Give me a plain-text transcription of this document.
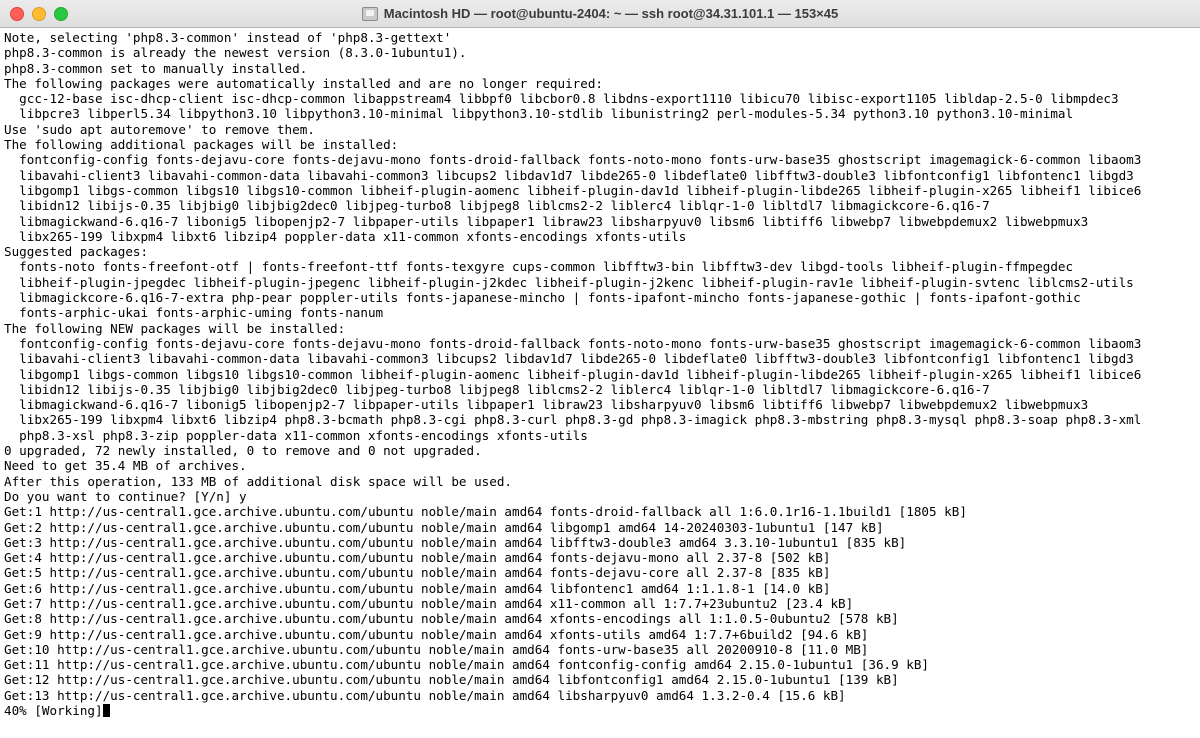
Macintosh HD — root@ubuntu-2404: ~ — ssh root@34.31.101.1 — 153×45
Note, selecting 'php8.3-common' instead of 'php8.3-gettext'
php8.3-common is already the newest version (8.3.0-1ubuntu1).
php8.3-common set to manually installed.
The following packages were automatically installed and are no longer required:
gcc-12-base isc-dhcp-client isc-dhcp-common libappstream4 libbpf0 libcbor0.8 libdns-export1110 libicu70 libisc-export1105 libldap-2.5-0 libmpdec3
libpcre3 libperl5.34 libpython3.10 libpython3.10-minimal libpython3.10-stdlib libunistring2 perl-modules-5.34 python3.10 python3.10-minimal
Use 'sudo apt autoremove' to remove them.
The following additional packages will be installed:
fontconfig-config fonts-dejavu-core fonts-dejavu-mono fonts-droid-fallback fonts-noto-mono fonts-urw-base35 ghostscript imagemagick-6-common libaom3
libavahi-client3 libavahi-common-data libavahi-common3 libcups2 libdav1d7 libde265-0 libdeflate0 libfftw3-double3 libfontconfig1 libfontenc1 libgd3
libgomp1 libgs-common libgs10 libgs10-common libheif-plugin-aomenc libheif-plugin-dav1d libheif-plugin-libde265 libheif-plugin-x265 libheif1 libice6
libidn12 libijs-0.35 libjbig0 libjbig2dec0 libjpeg-turbo8 libjpeg8 liblcms2-2 liblerc4 liblqr-1-0 libltdl7 libmagickcore-6.q16-7
libmagickwand-6.q16-7 libonig5 libopenjp2-7 libpaper-utils libpaper1 libraw23 libsharpyuv0 libsm6 libtiff6 libwebp7 libwebpdemux2 libwebpmux3
libx265-199 libxpm4 libxt6 libzip4 poppler-data x11-common xfonts-encodings xfonts-utils
Suggested packages:
fonts-noto fonts-freefont-otf | fonts-freefont-ttf fonts-texgyre cups-common libfftw3-bin libfftw3-dev libgd-tools libheif-plugin-ffmpegdec
libheif-plugin-jpegdec libheif-plugin-jpegenc libheif-plugin-j2kdec libheif-plugin-j2kenc libheif-plugin-rav1e libheif-plugin-svtenc liblcms2-utils
libmagickcore-6.q16-7-extra php-pear poppler-utils fonts-japanese-mincho | fonts-ipafont-mincho fonts-japanese-gothic | fonts-ipafont-gothic
fonts-arphic-ukai fonts-arphic-uming fonts-nanum
The following NEW packages will be installed:
fontconfig-config fonts-dejavu-core fonts-dejavu-mono fonts-droid-fallback fonts-noto-mono fonts-urw-base35 ghostscript imagemagick-6-common libaom3
libavahi-client3 libavahi-common-data libavahi-common3 libcups2 libdav1d7 libde265-0 libdeflate0 libfftw3-double3 libfontconfig1 libfontenc1 libgd3
libgomp1 libgs-common libgs10 libgs10-common libheif-plugin-aomenc libheif-plugin-dav1d libheif-plugin-libde265 libheif-plugin-x265 libheif1 libice6
libidn12 libijs-0.35 libjbig0 libjbig2dec0 libjpeg-turbo8 libjpeg8 liblcms2-2 liblerc4 liblqr-1-0 libltdl7 libmagickcore-6.q16-7
libmagickwand-6.q16-7 libonig5 libopenjp2-7 libpaper-utils libpaper1 libraw23 libsharpyuv0 libsm6 libtiff6 libwebp7 libwebpdemux2 libwebpmux3
libx265-199 libxpm4 libxt6 libzip4 php8.3-bcmath php8.3-cgi php8.3-curl php8.3-gd php8.3-imagick php8.3-mbstring php8.3-mysql php8.3-soap php8.3-xml
php8.3-xsl php8.3-zip poppler-data x11-common xfonts-encodings xfonts-utils
0 upgraded, 72 newly installed, 0 to remove and 0 not upgraded.
Need to get 35.4 MB of archives.
After this operation, 133 MB of additional disk space will be used.
Do you want to continue? [Y/n] y
Get:1 http://us-central1.gce.archive.ubuntu.com/ubuntu noble/main amd64 fonts-droid-fallback all 1:6.0.1r16-1.1build1 [1805 kB]
Get:2 http://us-central1.gce.archive.ubuntu.com/ubuntu noble/main amd64 libgomp1 amd64 14-20240303-1ubuntu1 [147 kB]
Get:3 http://us-central1.gce.archive.ubuntu.com/ubuntu noble/main amd64 libfftw3-double3 amd64 3.3.10-1ubuntu1 [835 kB]
Get:4 http://us-central1.gce.archive.ubuntu.com/ubuntu noble/main amd64 fonts-dejavu-mono all 2.37-8 [502 kB]
Get:5 http://us-central1.gce.archive.ubuntu.com/ubuntu noble/main amd64 fonts-dejavu-core all 2.37-8 [835 kB]
Get:6 http://us-central1.gce.archive.ubuntu.com/ubuntu noble/main amd64 libfontenc1 amd64 1:1.1.8-1 [14.0 kB]
Get:7 http://us-central1.gce.archive.ubuntu.com/ubuntu noble/main amd64 x11-common all 1:7.7+23ubuntu2 [23.4 kB]
Get:8 http://us-central1.gce.archive.ubuntu.com/ubuntu noble/main amd64 xfonts-encodings all 1:1.0.5-0ubuntu2 [578 kB]
Get:9 http://us-central1.gce.archive.ubuntu.com/ubuntu noble/main amd64 xfonts-utils amd64 1:7.7+6build2 [94.6 kB]
Get:10 http://us-central1.gce.archive.ubuntu.com/ubuntu noble/main amd64 fonts-urw-base35 all 20200910-8 [11.0 MB]
Get:11 http://us-central1.gce.archive.ubuntu.com/ubuntu noble/main amd64 fontconfig-config amd64 2.15.0-1ubuntu1 [36.9 kB]
Get:12 http://us-central1.gce.archive.ubuntu.com/ubuntu noble/main amd64 libfontconfig1 amd64 2.15.0-1ubuntu1 [139 kB]
Get:13 http://us-central1.gce.archive.ubuntu.com/ubuntu noble/main amd64 libsharpyuv0 amd64 1.3.2-0.4 [15.6 kB]
40% [Working]
